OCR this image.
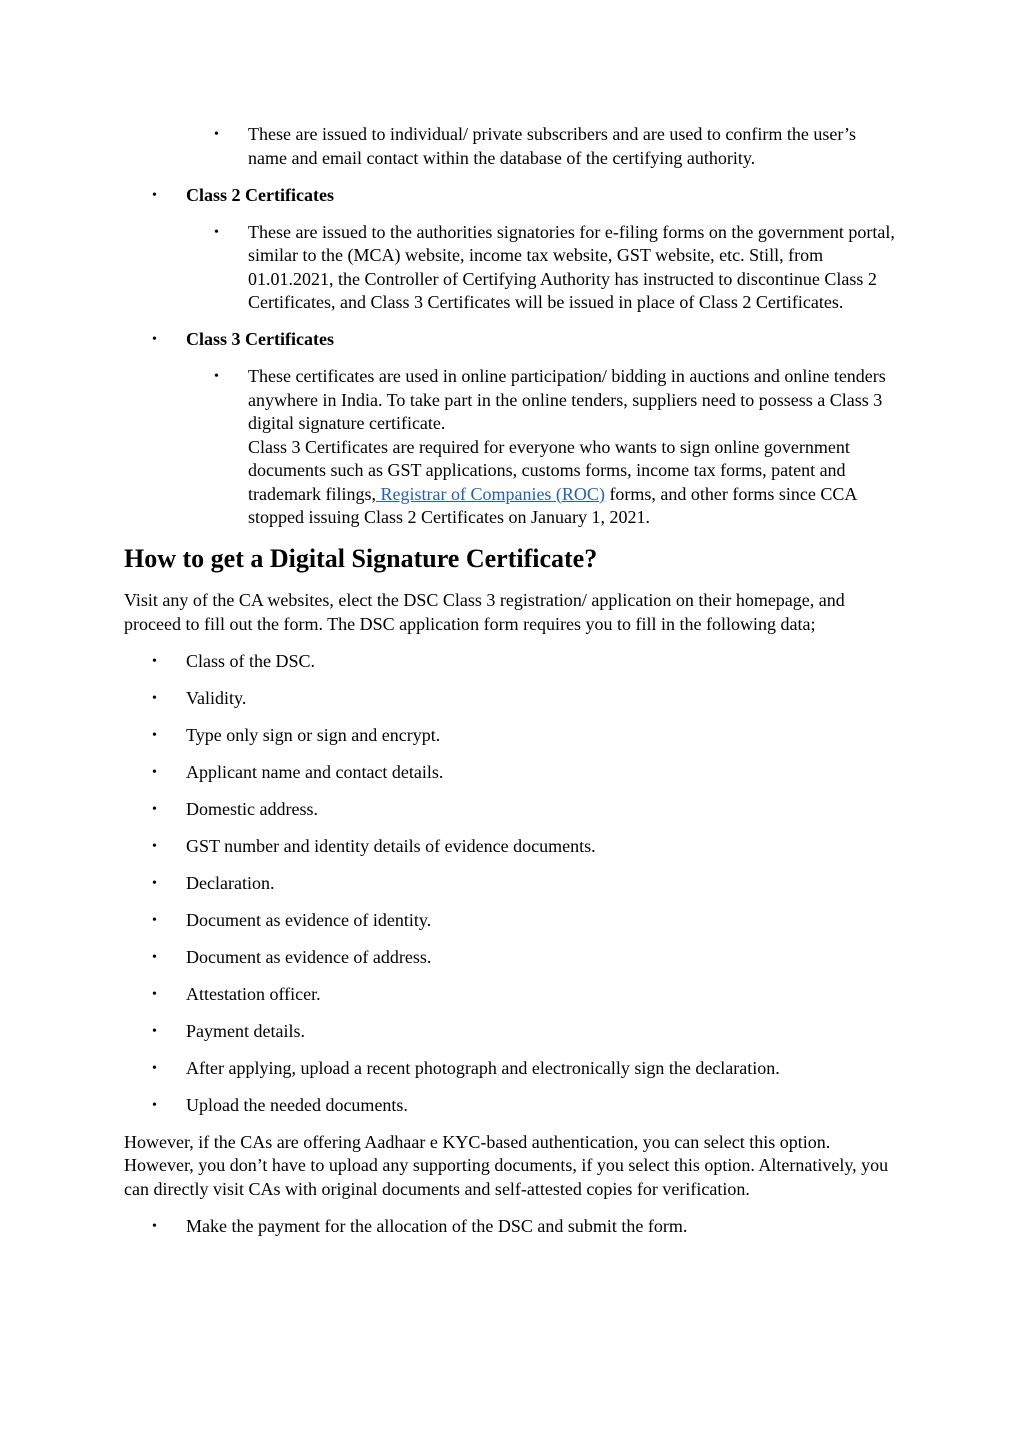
• These are issued to individual/ private subscribers and are used to confirm the user’s name and email contact within the database of the certifying authority.
• Class 2 Certificates
• These are issued to the authorities signatories for e-filing forms on the government portal, similar to the (MCA) website, income tax website, GST website, etc. Still, from 01.01.2021, the Controller of Certifying Authority has instructed to discontinue Class 2 Certificates, and Class 3 Certificates will be issued in place of Class 2 Certificates.
• Class 3 Certificates
• These certificates are used in online participation/ bidding in auctions and online tenders anywhere in India. To take part in the online tenders, suppliers need to possess a Class 3 digital signature certificate.
Class 3 Certificates are required for everyone who wants to sign online government documents such as GST applications, customs forms, income tax forms, patent and trademark filings, Registrar of Companies (ROC) forms, and other forms since CCA stopped issuing Class 2 Certificates on January 1, 2021.
How to get a Digital Signature Certificate?

Visit any of the CA websites, elect the DSC Class 3 registration/ application on their homepage, and proceed to fill out the form. The DSC application form requires you to fill in the following data;

• Class of the DSC.
• Validity.
• Type only sign or sign and encrypt.
• Applicant name and contact details.
• Domestic address.
• GST number and identity details of evidence documents.
• Declaration.
• Document as evidence of identity.
• Document as evidence of address.
• Attestation officer.
• Payment details.
• After applying, upload a recent photograph and electronically sign the declaration.
• Upload the needed documents.

However, if the CAs are offering Aadhaar e KYC-based authentication, you can select this option. However, you don’t have to upload any supporting documents, if you select this option. Alternatively, you can directly visit CAs with original documents and self-attested copies for verification.

• Make the payment for the allocation of the DSC and submit the form.
